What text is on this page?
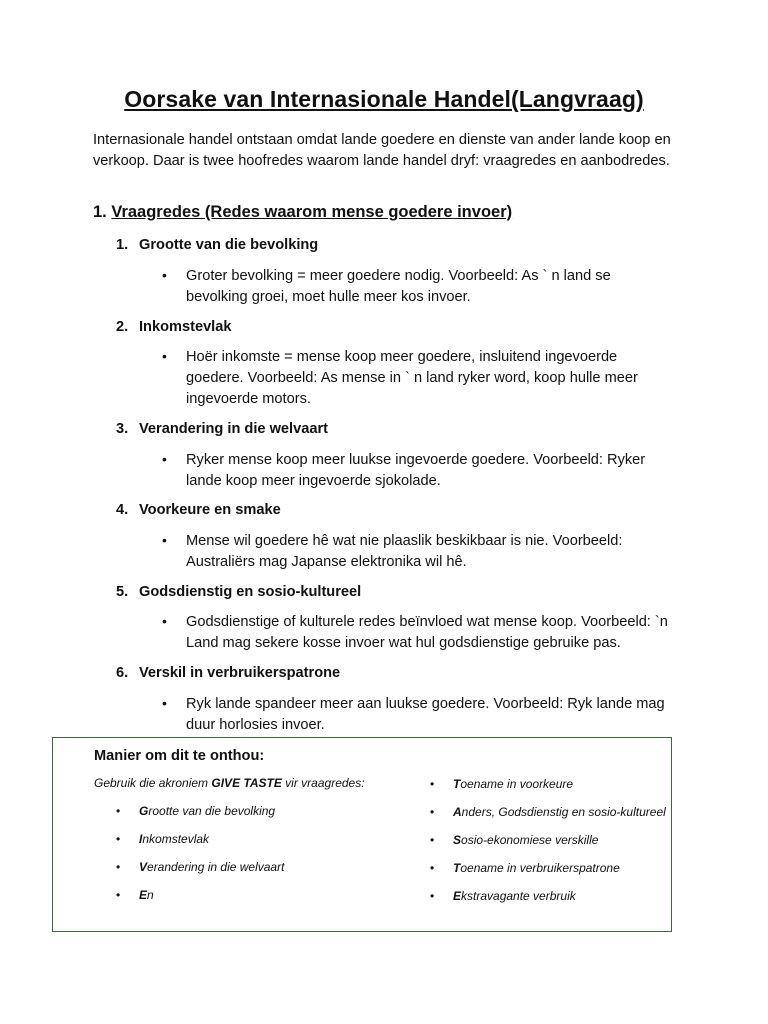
Oorsake van Internasionale Handel(Langvraag)

Internasionale handel ontstaan omdat lande goedere en dienste van ander lande koop en verkoop. Daar is twee hoofredes waarom lande handel dryf: vraagredes en aanbodredes.

1. Vraagredes (Redes waarom mense goedere invoer)
1. Grootte van die bevolking
• Groter bevolking = meer goedere nodig. Voorbeeld: As ` n land se bevolking groei, moet hulle meer kos invoer.

2. Inkomstevlak
• Hoër inkomste = mense koop meer goedere, insluitend ingevoerde goedere. Voorbeeld: As mense in ` n land ryker word, koop hulle meer ingevoerde motors.

3. Verandering in die welvaart
• Ryker mense koop meer luukse ingevoerde goedere. Voorbeeld: Ryker lande koop meer ingevoerde sjokolade.

4. Voorkeure en smake
• Mense wil goedere hê wat nie plaaslik beskikbaar is nie. Voorbeeld: Australiërs mag Japanse elektronika wil hê.

5. Godsdienstig en sosio-kultureel
• Godsdienstige of kulturele redes beïnvloed wat mense koop. Voorbeeld: `n Land mag sekere kosse invoer wat hul godsdienstige gebruike pas.

6. Verskil in verbruikerspatrone
• Ryk lande spandeer meer aan luukse goedere. Voorbeeld: Ryk lande mag duur horlosies invoer.

Manier om dit te onthou:
Gebruik die akroniem GIVE TASTE vir vraagredes:
• Grootte van die bevolking
• Inkomstevlak
• Verandering in die welvaart
• En
• Toename in voorkeure
• Anders, Godsdienstig en sosio-kultureel
• Sosio-ekonomiese verskille
• Toename in verbruikerspatrone
• Ekstravagante verbruik
